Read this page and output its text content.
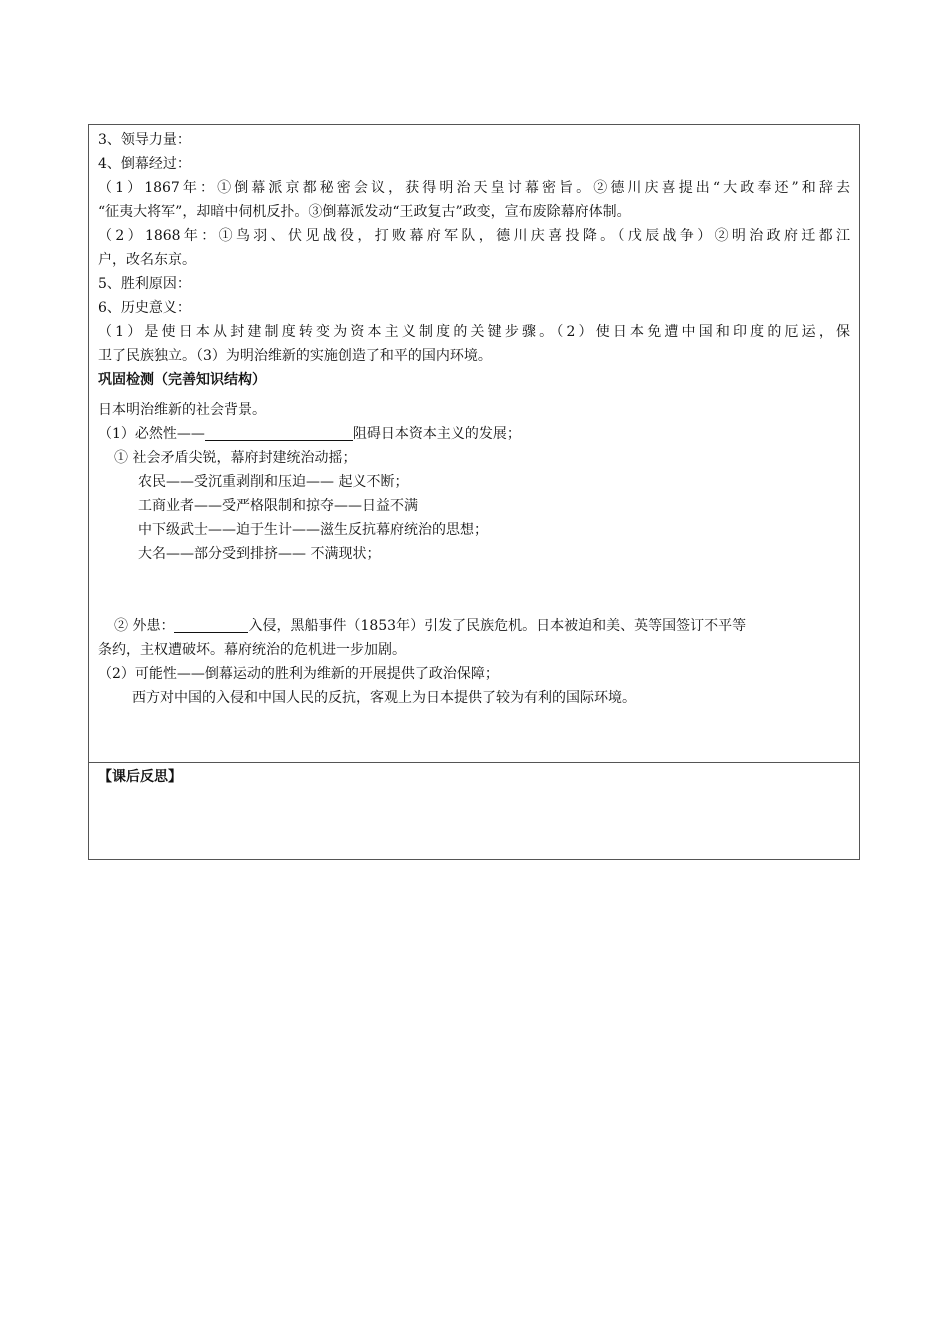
3、领导力量：
4、倒幕经过：
（1）1867年：①倒幕派京都秘密会议，获得明治天皇讨幕密旨。②德川庆喜提出“大政奉还”和辞去
“征夷大将军”，却暗中伺机反扑。③倒幕派发动“王政复古”政变，宣布废除幕府体制。
（2）1868年：①鸟羽、伏见战役，打败幕府军队，德川庆喜投降。（戊辰战争）②明治政府迁都江
户，改名东京。
5、胜利原因：
6、历史意义：
（1）是使日本从封建制度转变为资本主义制度的关键步骤。（2）使日本免遭中国和印度的厄运，保
卫了民族独立。（3）为明治维新的实施创造了和平的国内环境。
巩固检测（完善知识结构）
日本明治维新的社会背景。
（1）必然性——	阻碍日本资本主义的发展；
① 社会矛盾尖锐，幕府封建统治动摇；
农民——受沉重剥削和压迫—— 起义不断；
工商业者——受严格限制和掠夺——日益不满
中下级武士——迫于生计——滋生反抗幕府统治的思想；
大名——部分受到排挤—— 不满现状；
② 外患：	入侵，黑船事件（1853年）引发了民族危机。日本被迫和美、英等国签订不平等
条约，主权遭破坏。幕府统治的危机进一步加剧。
（2）可能性——倒幕运动的胜利为维新的开展提供了政治保障；
西方对中国的入侵和中国人民的反抗，客观上为日本提供了较为有利的国际环境。
【课后反思】
